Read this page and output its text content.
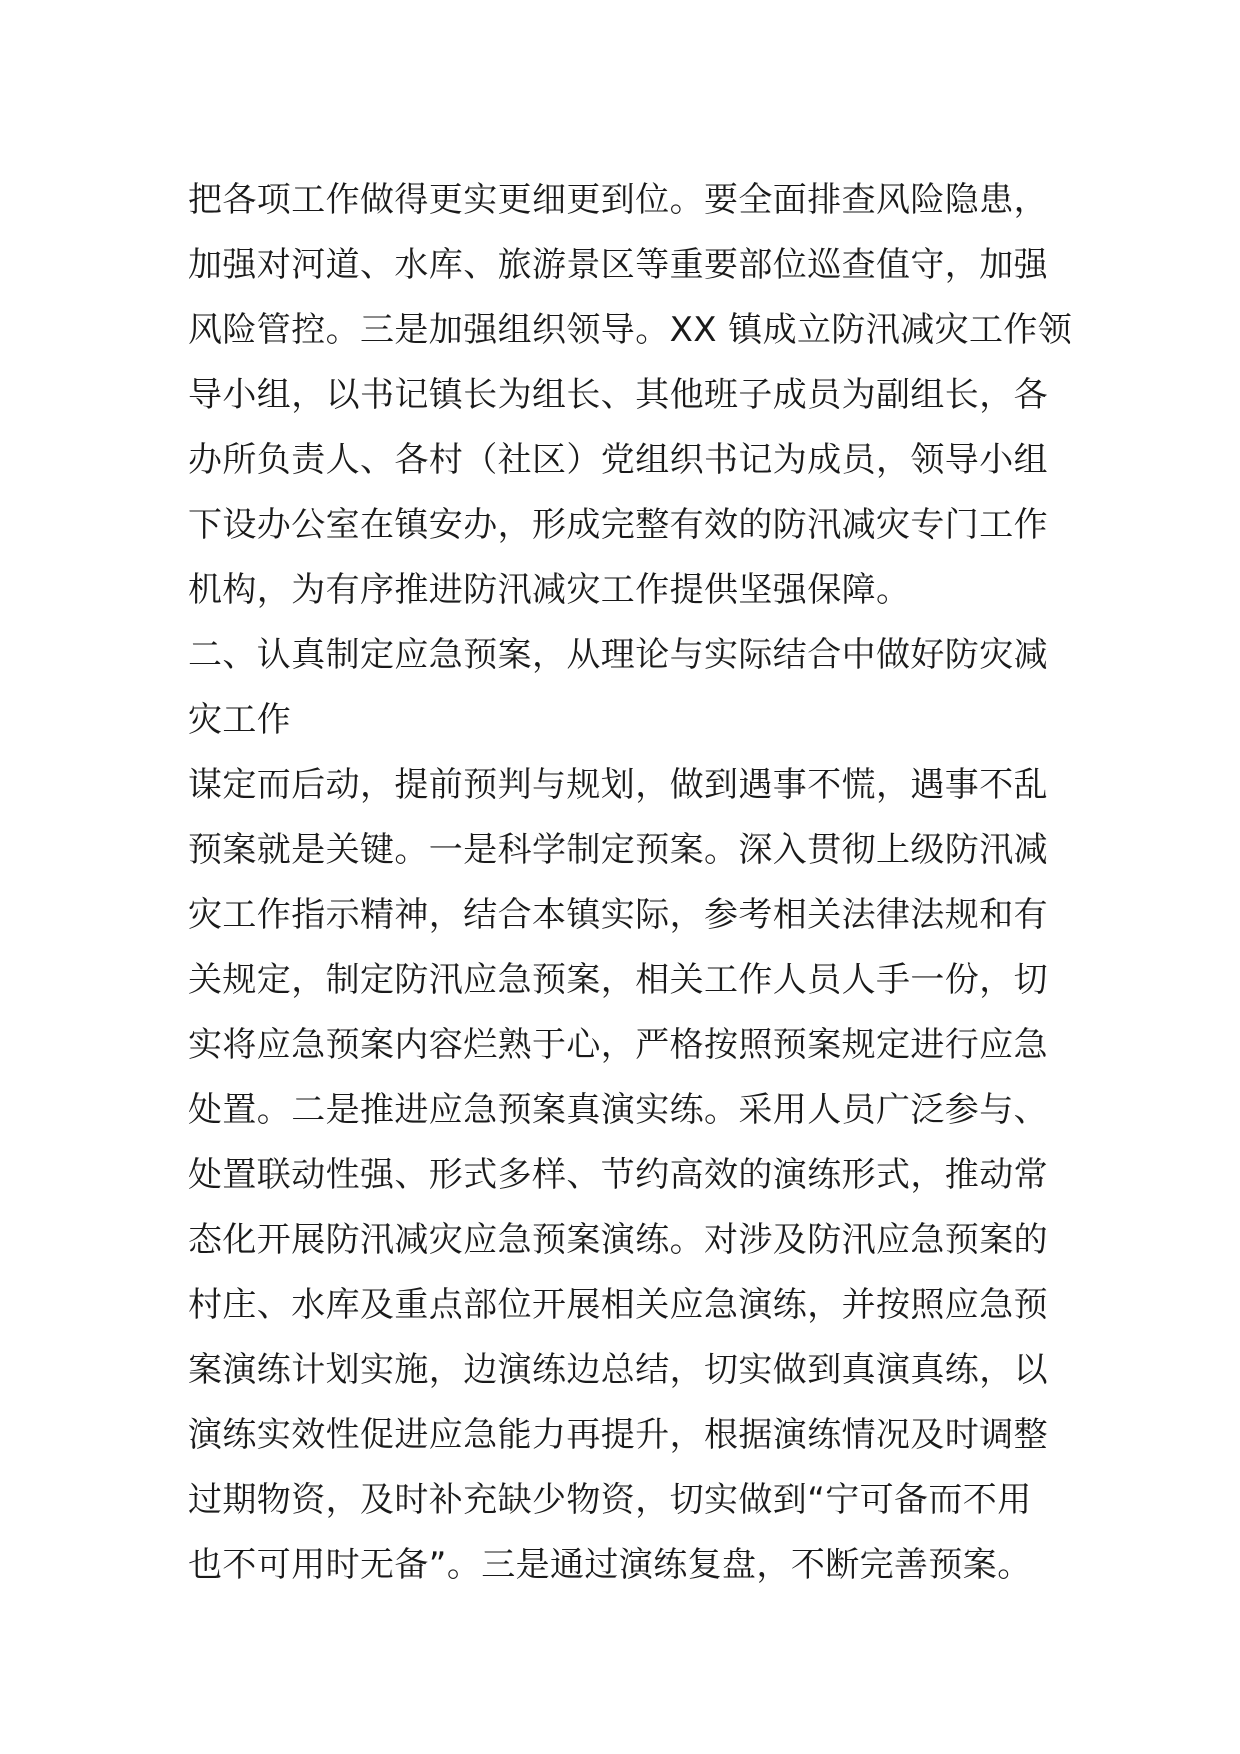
把各项工作做得更实更细更到位。要全面排查风险隐患，
加强对河道、水库、旅游景区等重要部位巡查值守，加强
风险管控。三是加强组织领导。XX 镇成立防汛减灾工作领
导小组，以书记镇长为组长、其他班子成员为副组长，各
办所负责人、各村（社区）党组织书记为成员，领导小组
下设办公室在镇安办，形成完整有效的防汛减灾专门工作
机构，为有序推进防汛减灾工作提供坚强保障。
二、认真制定应急预案，从理论与实际结合中做好防灾减
灾工作
谋定而后动，提前预判与规划，做到遇事不慌，遇事不乱
预案就是关键。一是科学制定预案。深入贯彻上级防汛减
灾工作指示精神，结合本镇实际，参考相关法律法规和有
关规定，制定防汛应急预案，相关工作人员人手一份，切
实将应急预案内容烂熟于心，严格按照预案规定进行应急
处置。二是推进应急预案真演实练。采用人员广泛参与、
处置联动性强、形式多样、节约高效的演练形式，推动常
态化开展防汛减灾应急预案演练。对涉及防汛应急预案的
村庄、水库及重点部位开展相关应急演练，并按照应急预
案演练计划实施，边演练边总结，切实做到真演真练，以
演练实效性促进应急能力再提升，根据演练情况及时调整
过期物资，及时补充缺少物资，切实做到“宁可备而不用
也不可用时无备”。三是通过演练复盘，不断完善预案。
